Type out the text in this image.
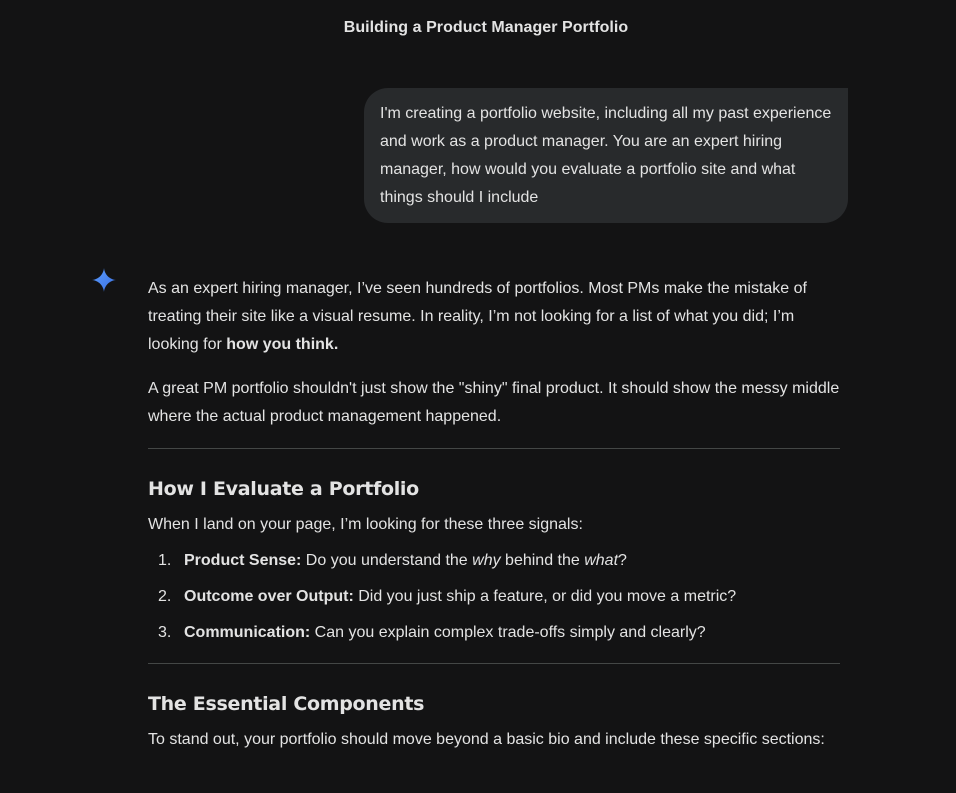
Building a Product Manager Portfolio
I'm creating a portfolio website, including all my past experience and work as a product manager. You are an expert hiring manager, how would you evaluate a portfolio site and what things should I include

As an expert hiring manager, I’ve seen hundreds of portfolios. Most PMs make the mistake of treating their site like a visual resume. In reality, I’m not looking for a list of what you did; I’m looking for how you think.

A great PM portfolio shouldn't just show the "shiny" final product. It should show the messy middle where the actual product management happened.

How I Evaluate a Portfolio

When I land on your page, I’m looking for these three signals:

1. Product Sense: Do you understand the why behind the what?
2. Outcome over Output: Did you just ship a feature, or did you move a metric?
3. Communication: Can you explain complex trade-offs simply and clearly?
The Essential Components

To stand out, your portfolio should move beyond a basic bio and include these specific sections:
